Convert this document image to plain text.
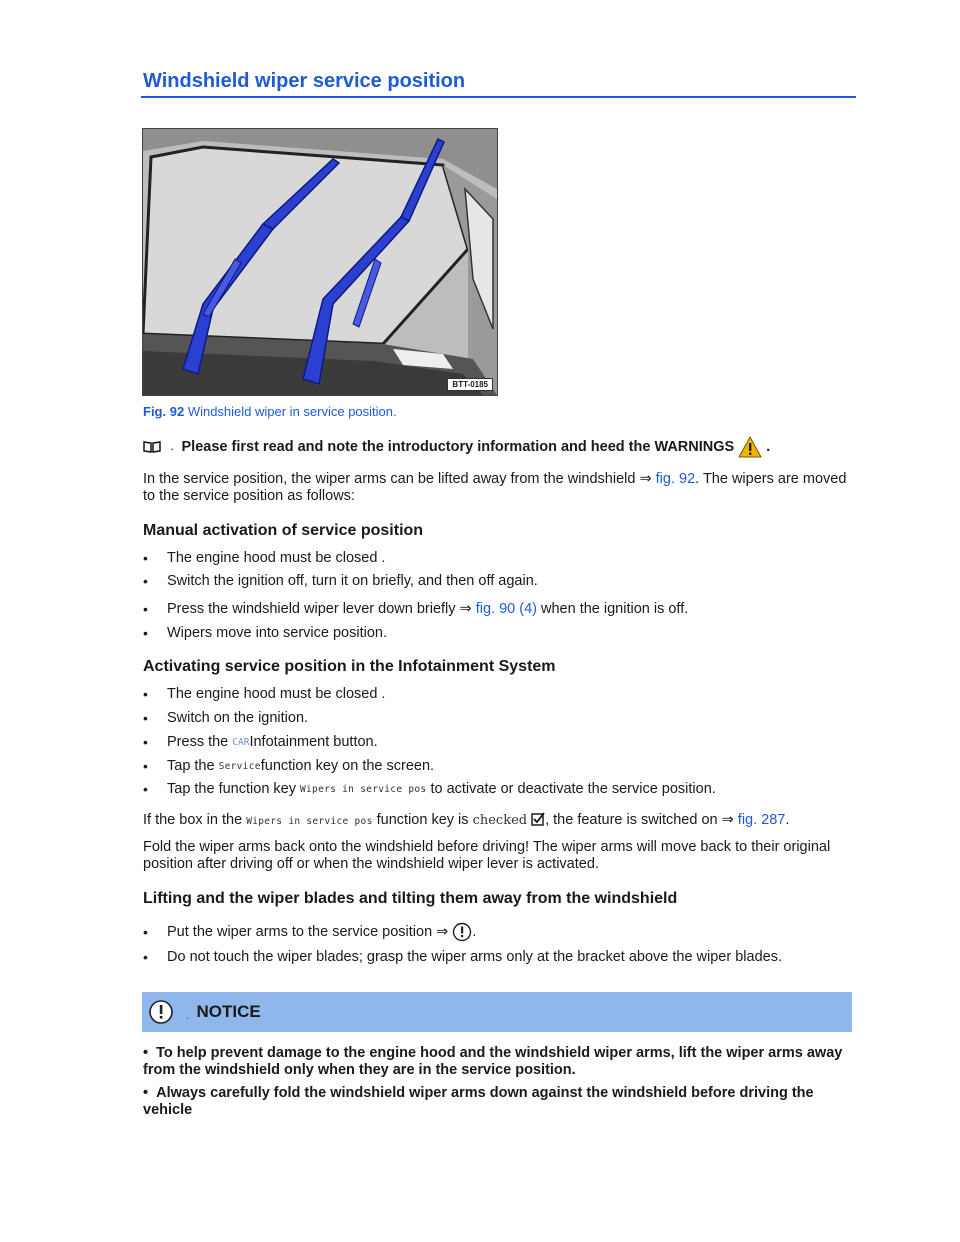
Windshield wiper service position
BTT-0185
Fig. 92 Windshield wiper in service position.
. Please first read and note the introductory information and heed the WARNINGS .

In the service position, the wiper arms can be lifted away from the windshield ⇒ fig. 92. The wipers are moved to the service position as follows:

Manual activation of service position
•	The engine hood must be closed .
•	Switch the ignition off, turn it on briefly, and then off again.
•	Press the windshield wiper lever down briefly ⇒
fig. 90 (4)
when the ignition is off.
•	Wipers move into service position.
Activating service position in the Infotainment System
•	The engine hood must be closed .
•	Switch on the ignition.
•	Press the
CAR Infotainment button.
•	Tap the
Service function key on the screen.
•	Tap the function key
Wipers in service pos
to activate or deactivate the service position.

If the box in the Wipers in service pos function key is checked , the feature is switched on ⇒ fig. 287.

Fold the wiper arms back onto the windshield before driving! The wiper arms will move back to their original position after driving off or when the windshield wiper lever is activated.

Lifting and the wiper blades and tilting them away from the windshield
•	Put the wiper arms to the service position ⇒
.
•	Do not touch the wiper blades; grasp the wiper arms only at the bracket above the wiper blades.
. NOTICE
•  To help prevent damage to the engine hood and the windshield wiper arms, lift the wiper arms away from the windshield only when they are in the service position.
•  Always carefully fold the windshield wiper arms down against the windshield before driving the vehicle
